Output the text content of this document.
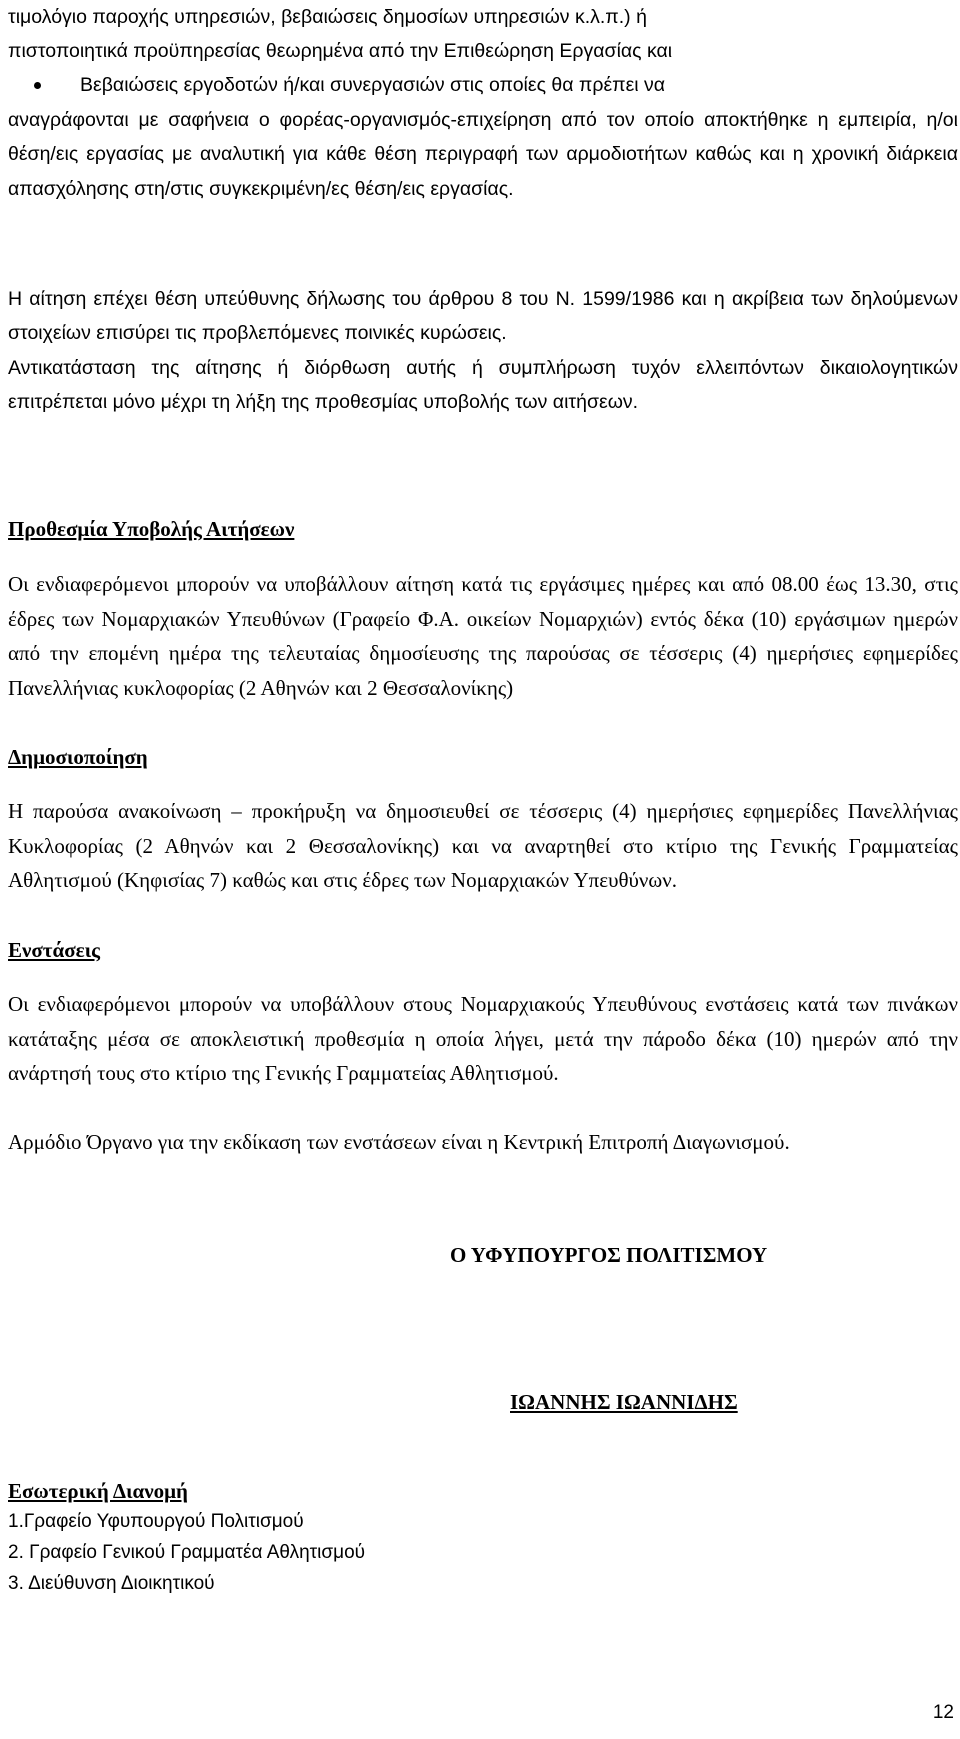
τιμολόγιο παροχής υπηρεσιών, βεβαιώσεις δημοσίων υπηρεσιών κ.λ.π.) ή
πιστοποιητικά προϋπηρεσίας θεωρημένα από την Επιθεώρηση Εργασίας και
Βεβαιώσεις εργοδοτών ή/και συνεργασιών στις οποίες θα πρέπει να

αναγράφονται με σαφήνεια ο φορέας-οργανισμός-επιχείρηση από τον οποίο αποκτήθηκε η εμπειρία, η/οι θέση/εις εργασίας με αναλυτική για κάθε θέση περιγραφή των αρμοδιοτήτων καθώς και η χρονική διάρκεια απασχόλησης στη/στις συγκεκριμένη/ες θέση/εις εργασίας.

Η αίτηση επέχει θέση υπεύθυνης δήλωσης του άρθρου 8 του Ν. 1599/1986 και η ακρίβεια των δηλούμενων στοιχείων επισύρει τις προβλεπόμενες ποινικές κυρώσεις.

Αντικατάσταση της αίτησης ή διόρθωση αυτής ή συμπλήρωση τυχόν ελλειπόντων δικαιολογητικών επιτρέπεται μόνο μέχρι τη λήξη της προθεσμίας υποβολής των αιτήσεων.

Προθεσμία Υποβολής Αιτήσεων

Οι ενδιαφερόμενοι μπορούν να υποβάλλουν αίτηση κατά τις εργάσιμες ημέρες και από 08.00 έως 13.30, στις έδρες των Νομαρχιακών Υπευθύνων (Γραφείο Φ.Α. οικείων Νομαρχιών) εντός δέκα (10) εργάσιμων ημερών από την επομένη ημέρα της τελευταίας δημοσίευσης της παρούσας σε τέσσερις (4) ημερήσιες εφημερίδες Πανελλήνιας κυκλοφορίας (2 Αθηνών και 2 Θεσσαλονίκης)

Δημοσιοποίηση

Η παρούσα ανακοίνωση – προκήρυξη να δημοσιευθεί σε τέσσερις (4) ημερήσιες εφημερίδες Πανελλήνιας Κυκλοφορίας (2 Αθηνών και 2 Θεσσαλονίκης) και να αναρτηθεί στο κτίριο της Γενικής Γραμματείας Αθλητισμού (Κηφισίας 7) καθώς και στις έδρες των Νομαρχιακών Υπευθύνων.

Ενστάσεις

Οι ενδιαφερόμενοι μπορούν να υποβάλλουν στους Νομαρχιακούς Υπευθύνους ενστάσεις κατά των πινάκων κατάταξης μέσα σε αποκλειστική προθεσμία η οποία λήγει, μετά την πάροδο δέκα (10) ημερών από την ανάρτησή τους στο κτίριο της Γενικής Γραμματείας Αθλητισμού.

Αρμόδιο Όργανο για την εκδίκαση των ενστάσεων είναι η Κεντρική Επιτροπή Διαγωνισμού.

Ο ΥΦΥΠΟΥΡΓΟΣ ΠΟΛΙΤΙΣΜΟΥ
ΙΩΑΝΝΗΣ ΙΩΑΝΝΙΔΗΣ
Εσωτερική Διανομή
1.Γραφείο Υφυπουργού Πολιτισμού
2. Γραφείο Γενικού Γραμματέα Αθλητισμού
3. Διεύθυνση Διοικητικού
12
